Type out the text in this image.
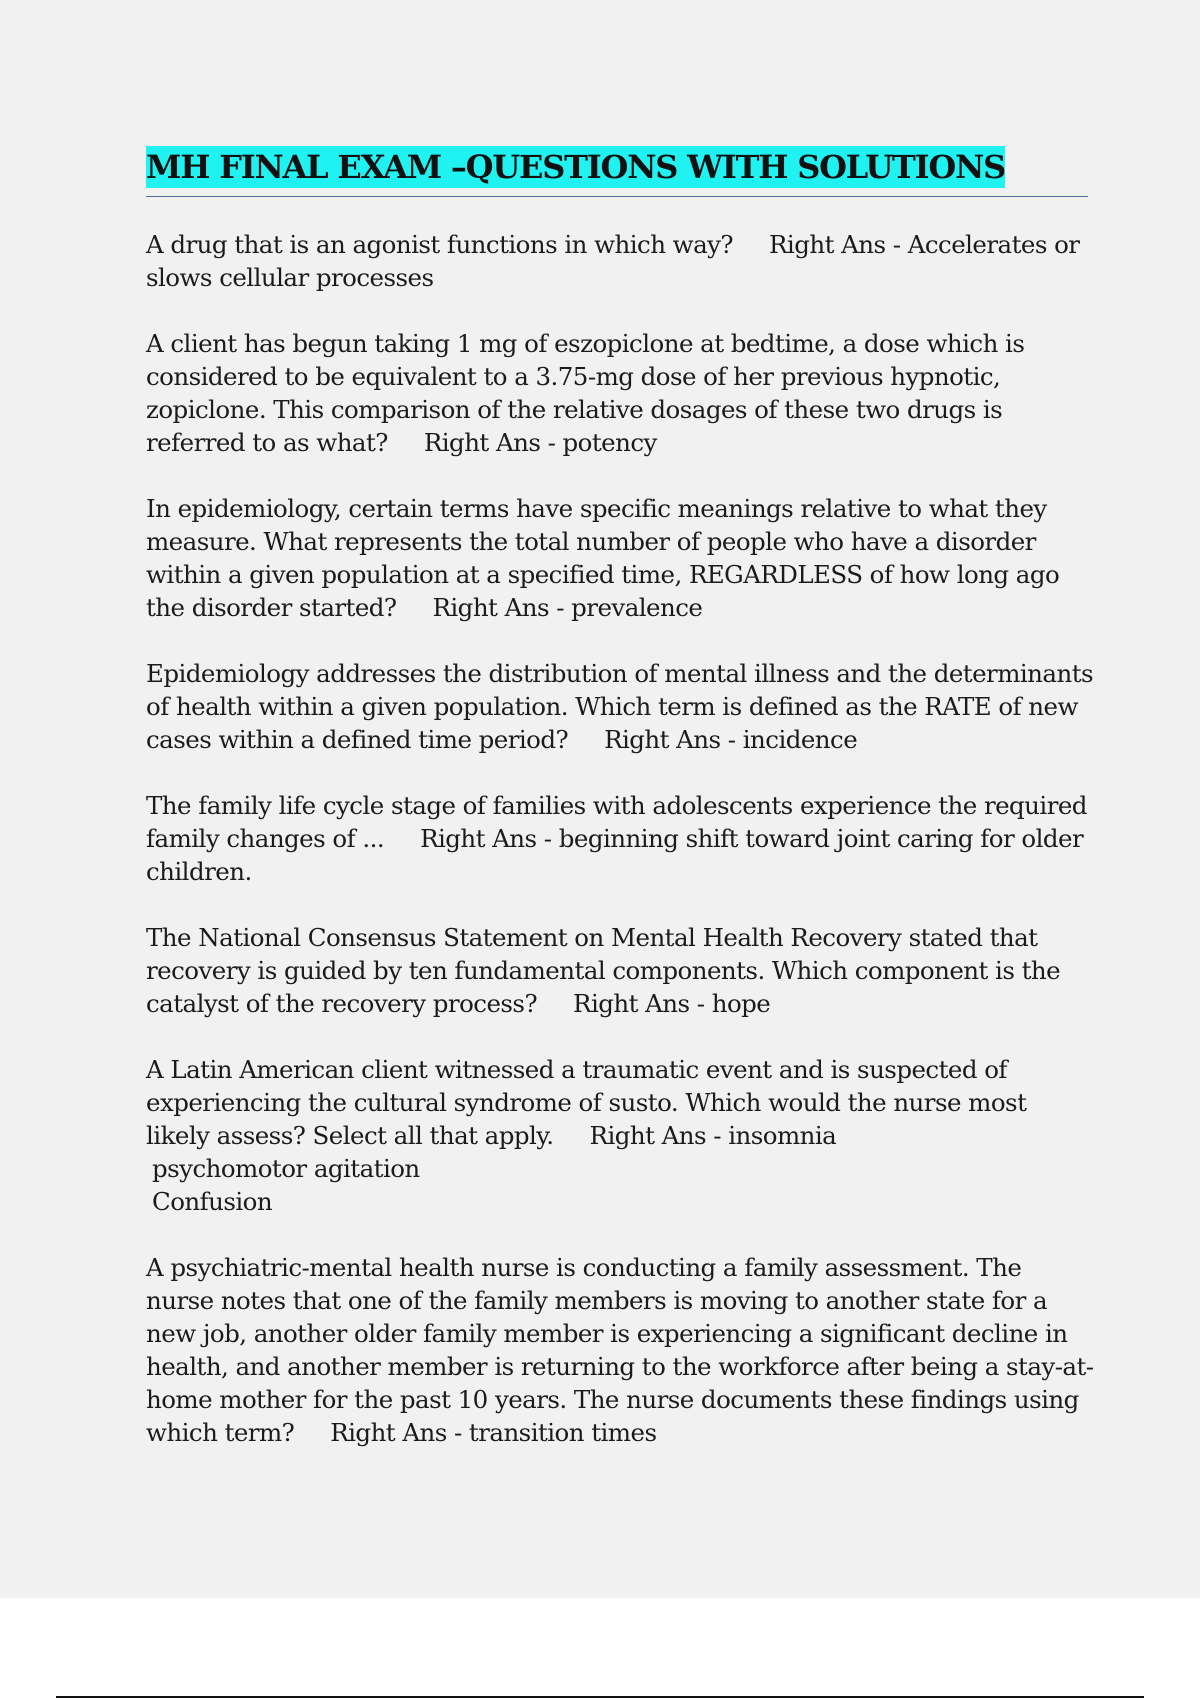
MH FINAL EXAM –QUESTIONS WITH SOLUTIONS

A drug that is an agonist functions in which way? Right Ans - Accelerates or slows cellular processes

A client has begun taking 1 mg of eszopiclone at bedtime, a dose which is considered to be equivalent to a 3.75-mg dose of her previous hypnotic, zopiclone. This comparison of the relative dosages of these two drugs is referred to as what? Right Ans - potency

In epidemiology, certain terms have specific meanings relative to what they measure. What represents the total number of people who have a disorder within a given population at a specified time, REGARDLESS of how long ago the disorder started? Right Ans - prevalence

Epidemiology addresses the distribution of mental illness and the determinants of health within a given population. Which term is defined as the RATE of new cases within a defined time period? Right Ans - incidence

The family life cycle stage of families with adolescents experience the required family changes of ... Right Ans - beginning shift toward joint caring for older children.

The National Consensus Statement on Mental Health Recovery stated that recovery is guided by ten fundamental components. Which component is the catalyst of the recovery process? Right Ans - hope

A Latin American client witnessed a traumatic event and is suspected of experiencing the cultural syndrome of susto. Which would the nurse most likely assess? Select all that apply. Right Ans - insomnia
psychomotor agitation
Confusion

A psychiatric-mental health nurse is conducting a family assessment. The nurse notes that one of the family members is moving to another state for a new job, another older family member is experiencing a significant decline in health, and another member is returning to the workforce after being a stay-at-home mother for the past 10 years. The nurse documents these findings using which term? Right Ans - transition times
